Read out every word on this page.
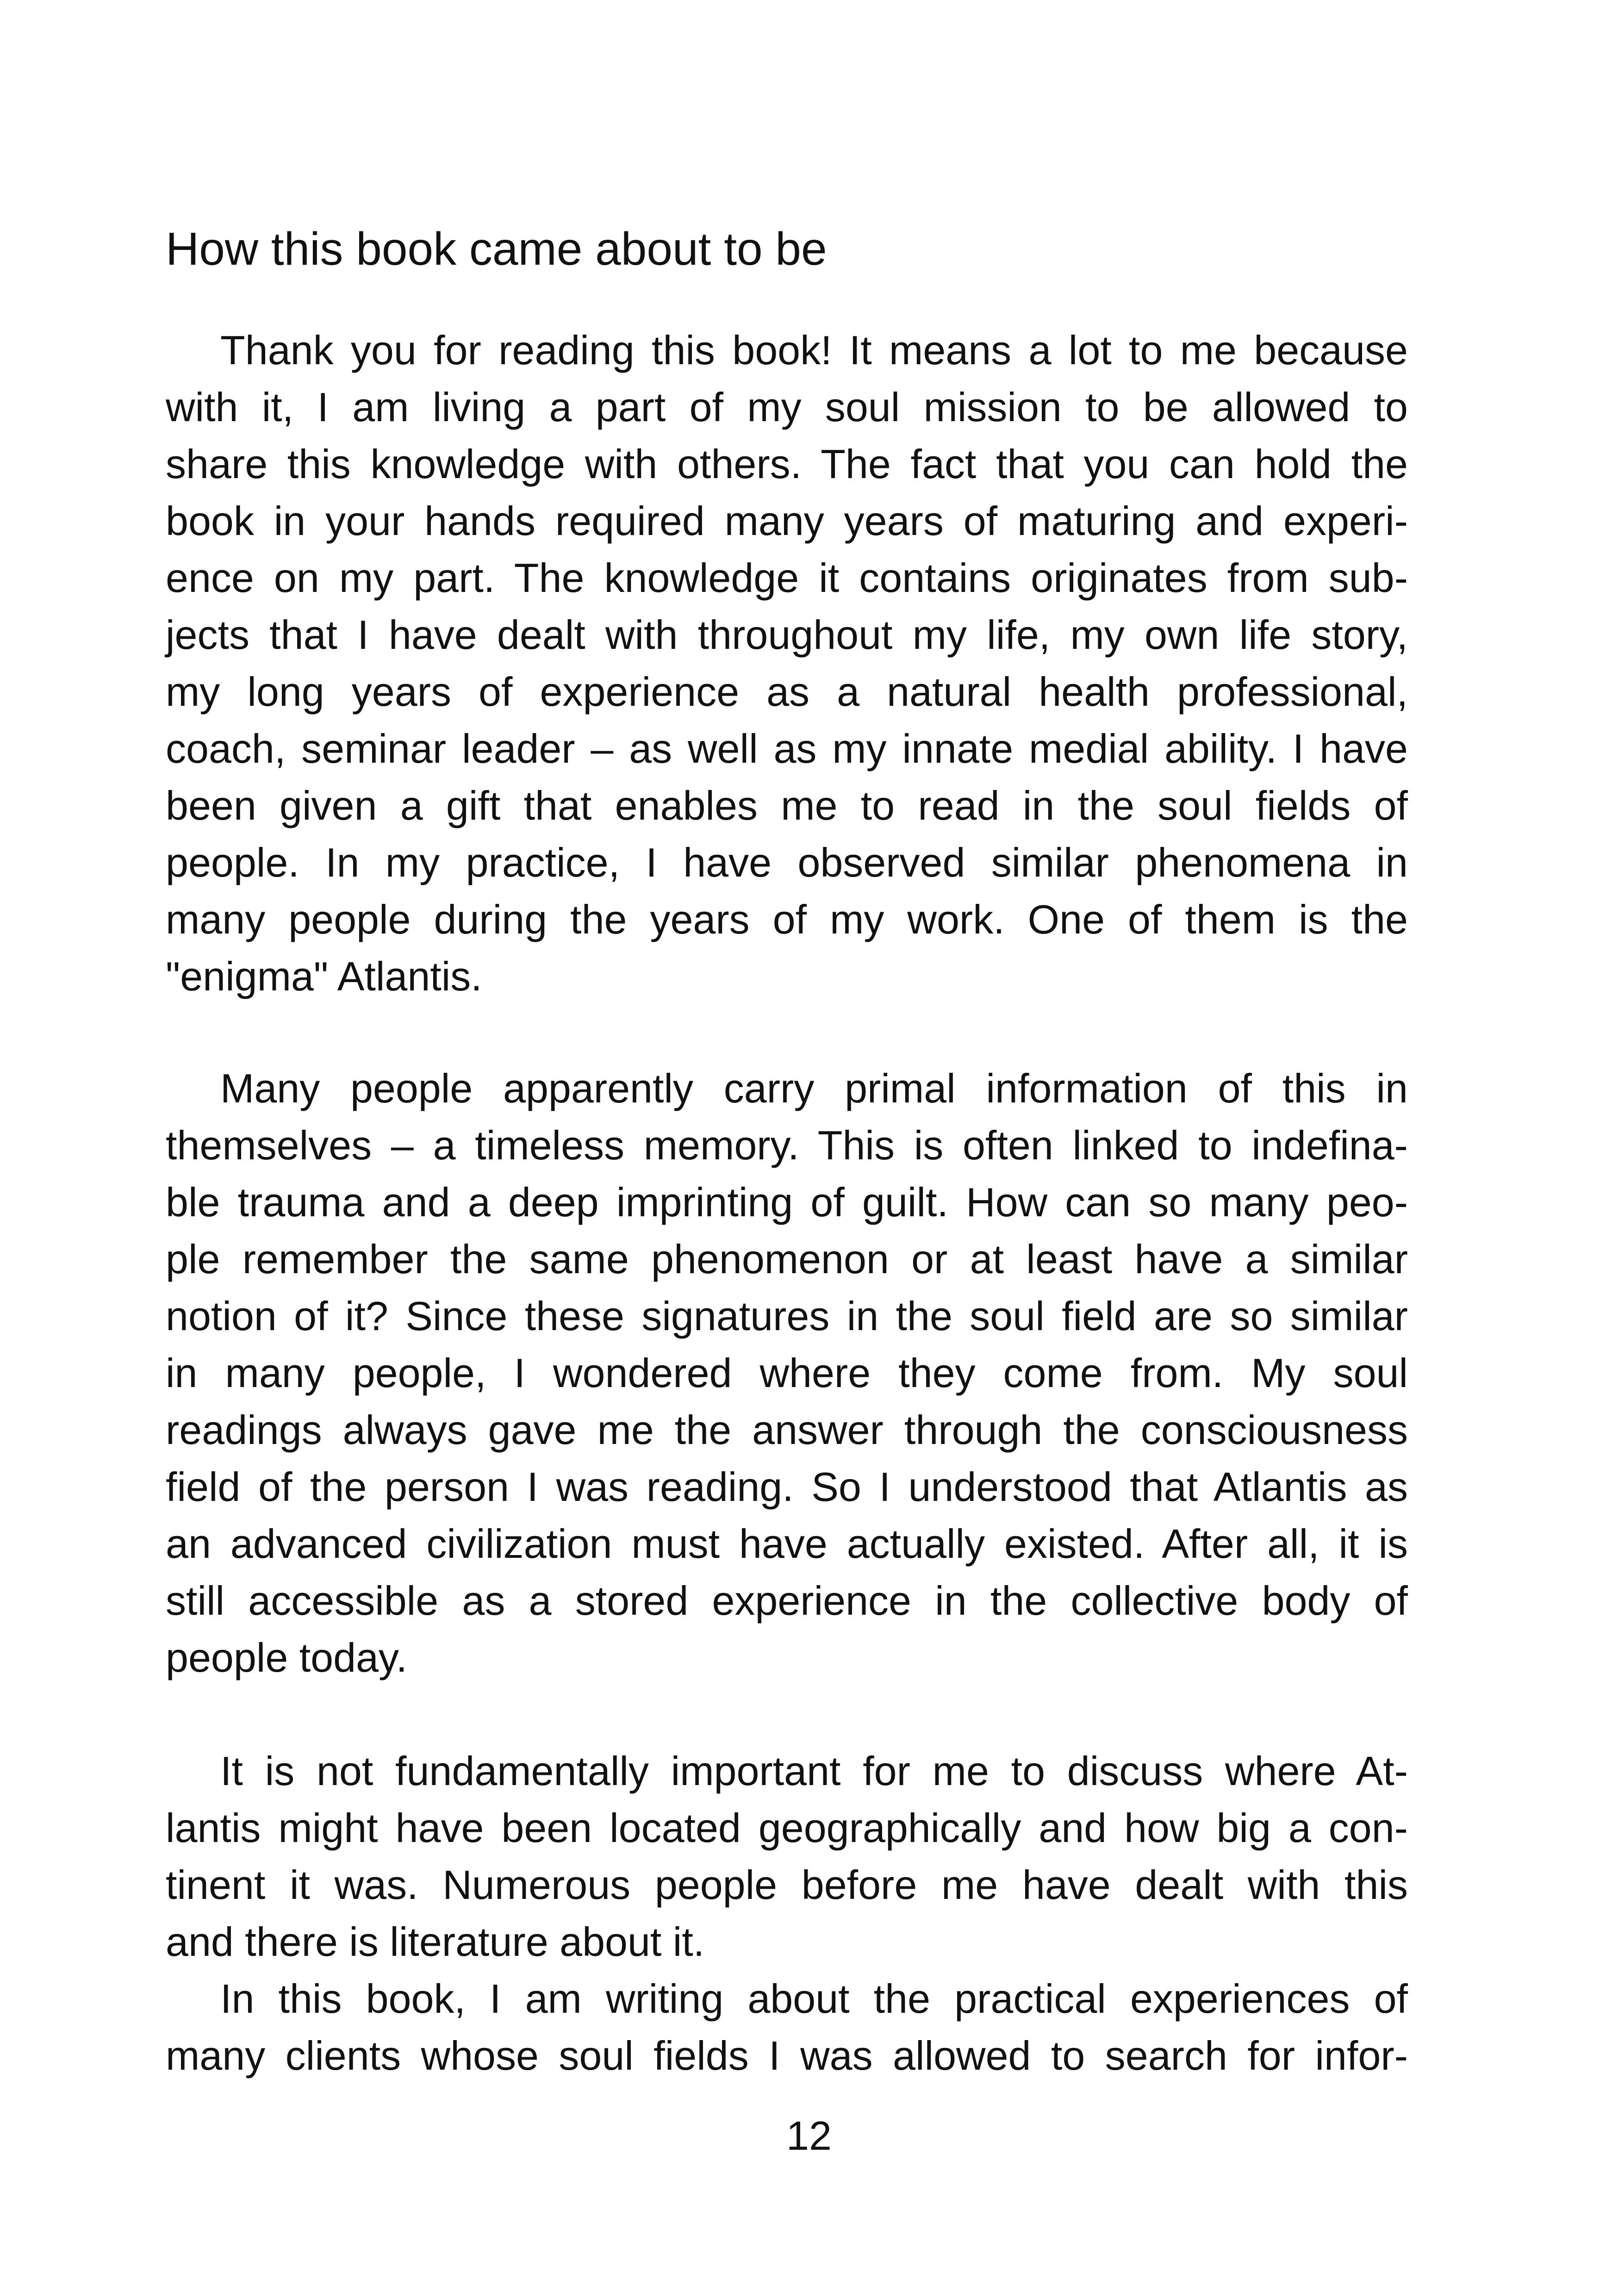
How this book came about to be
Thank you for reading this book! It means a lot to me because
with it, I am living a part of my soul mission to be allowed to
share this knowledge with others. The fact that you can hold the
book in your hands required many years of maturing and experi-
ence on my part. The knowledge it contains originates from sub-
jects that I have dealt with throughout my life, my own life story,
my long years of experience as a natural health professional,
coach, seminar leader – as well as my innate medial ability. I have
been given a gift that enables me to read in the soul fields of
people. In my practice, I have observed similar phenomena in
many people during the years of my work. One of them is the
"enigma" Atlantis.
Many people apparently carry primal information of this in
themselves – a timeless memory. This is often linked to indefina-
ble trauma and a deep imprinting of guilt. How can so many peo-
ple remember the same phenomenon or at least have a similar
notion of it? Since these signatures in the soul field are so similar
in many people, I wondered where they come from. My soul
readings always gave me the answer through the consciousness
field of the person I was reading. So I understood that Atlantis as
an advanced civilization must have actually existed. After all, it is
still accessible as a stored experience in the collective body of
people today.
It is not fundamentally important for me to discuss where At-
lantis might have been located geographically and how big a con-
tinent it was. Numerous people before me have dealt with this
and there is literature about it.
In this book, I am writing about the practical experiences of
many clients whose soul fields I was allowed to search for infor-
12
